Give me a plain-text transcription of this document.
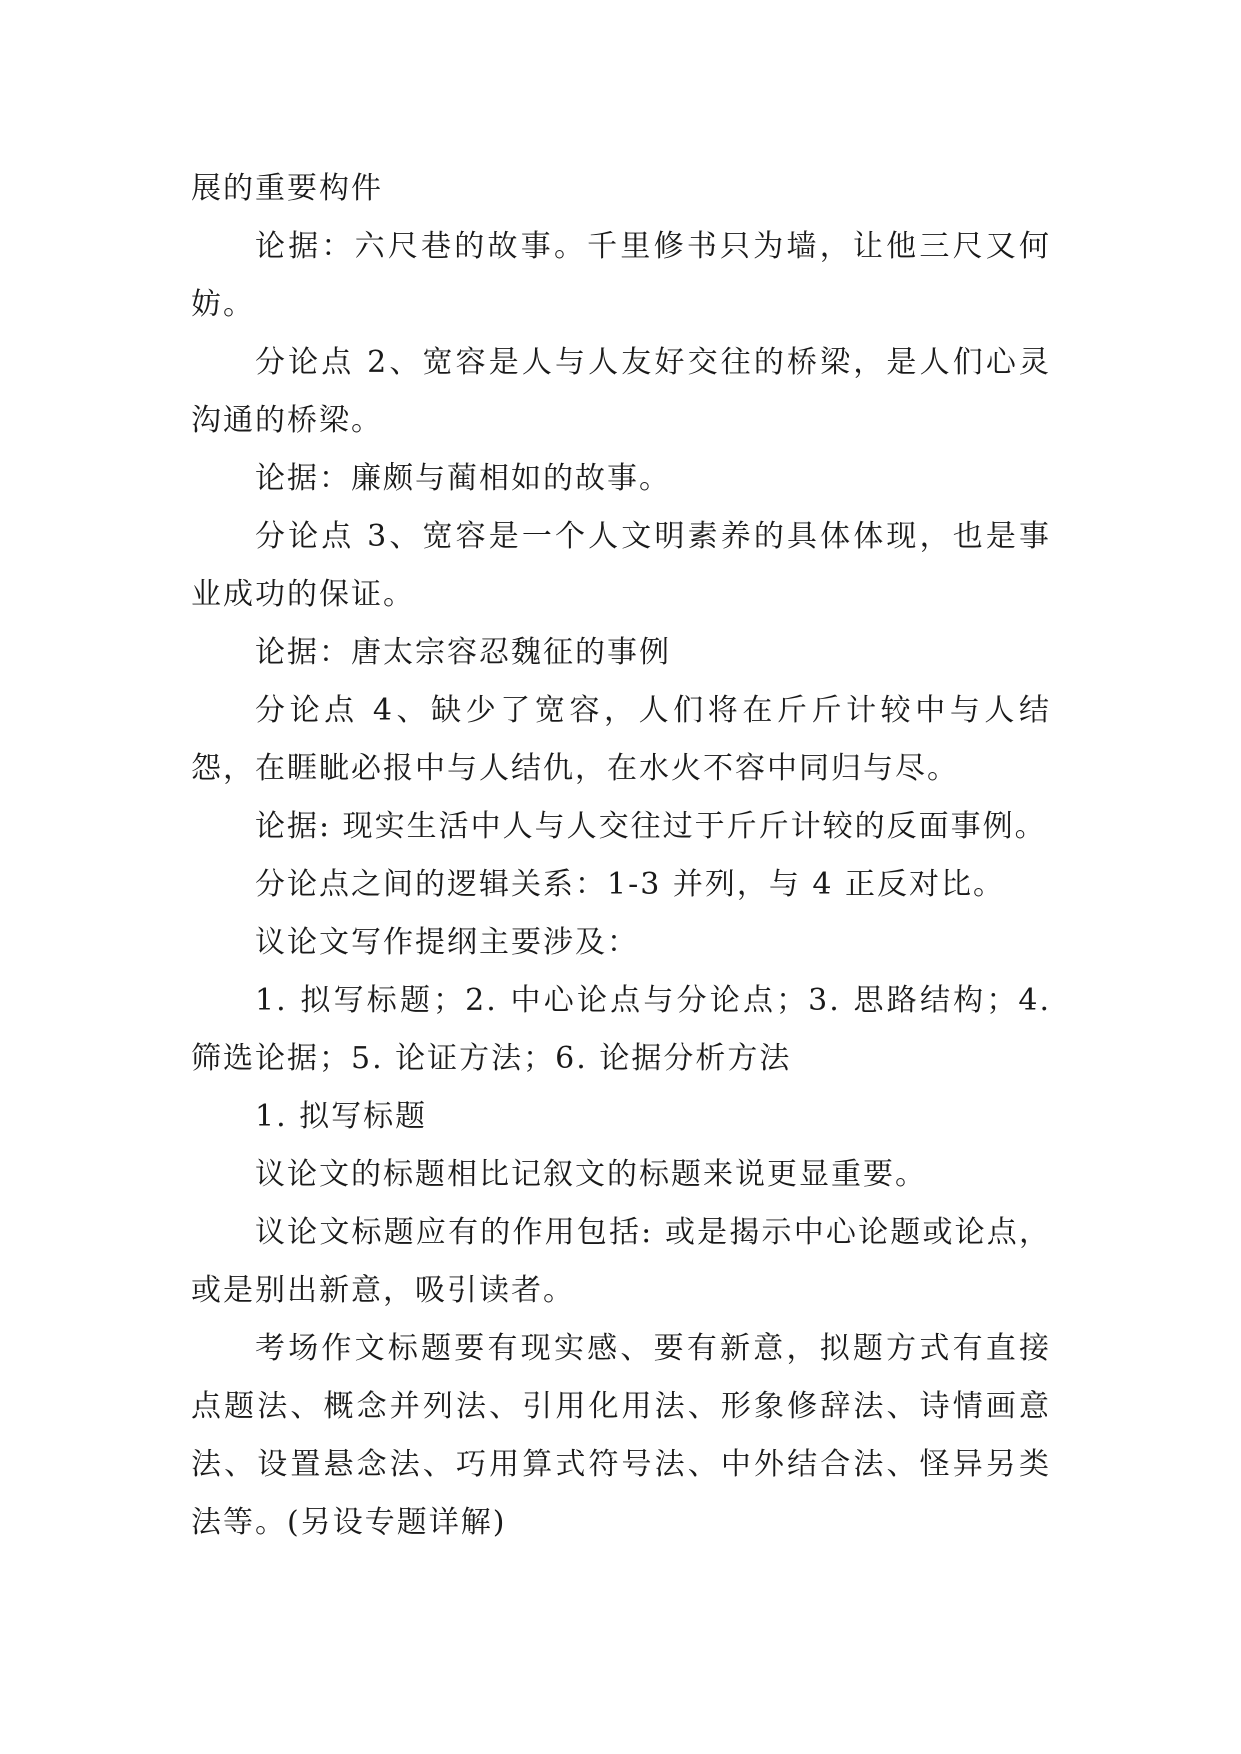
展的重要构件

论据：六尺巷的故事。千里修书只为墙，让他三尺又何妨。

分论点 2、宽容是人与人友好交往的桥梁，是人们心灵沟通的桥梁。

论据：廉颇与蔺相如的故事。

分论点 3、宽容是一个人文明素养的具体体现，也是事业成功的保证。

论据：唐太宗容忍魏征的事例

分论点 4、缺少了宽容，人们将在斤斤计较中与人结怨，在睚眦必报中与人结仇，在水火不容中同归与尽。

论据: 现实生活中人与人交往过于斤斤计较的反面事例。

分论点之间的逻辑关系：1-3 并列，与 4 正反对比。

议论文写作提纲主要涉及：

1. 拟写标题；2. 中心论点与分论点；3. 思路结构；4. 筛选论据；5. 论证方法；6. 论据分析方法

1. 拟写标题

议论文的标题相比记叙文的标题来说更显重要。

议论文标题应有的作用包括: 或是揭示中心论题或论点，或是别出新意，吸引读者。

考场作文标题要有现实感、要有新意，拟题方式有直接点题法、概念并列法、引用化用法、形象修辞法、诗情画意法、设置悬念法、巧用算式符号法、中外结合法、怪异另类法等。(另设专题详解)
